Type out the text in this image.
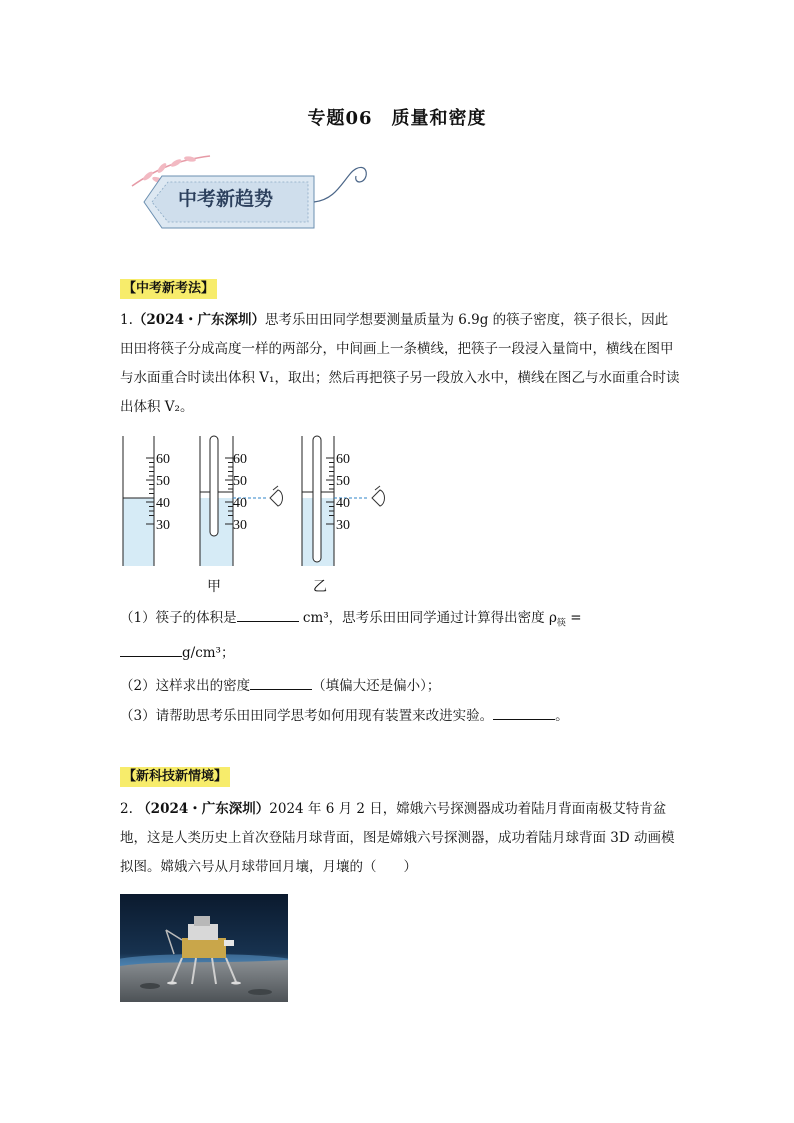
专题06　质量和密度
中考新趋势
【中考新考法】
1.（2024・广东深圳）思考乐田田同学想要测量质量为 6.9g 的筷子密度，筷子很长，因此田田将筷子分成高度一样的两部分，中间画上一条横线，把筷子一段浸入量筒中，横线在图甲与水面重合时读出体积 V₁，取出；然后再把筷子另一段放入水中，横线在图乙与水面重合时读出体积 V₂。
60
50
40
30
60
50
40
30
60
50
40
30
甲	乙
（1）筷子的体积是	cm³，思考乐田田同学通过计算得出密度 $\rho_筷$ =
g/cm³；
（2）这样求出的密度	（填偏大还是偏小）；
（3）请帮助思考乐田田同学思考如何用现有装置来改进实验。	。
【新科技新情境】
2. （2024・广东深圳）2024 年 6 月 2 日，嫦娥六号探测器成功着陆月背面南极艾特肯盆地，这是人类历史上首次登陆月球背面，图是嫦娥六号探测器，成功着陆月球背面 3D 动画模拟图。嫦娥六号从月球带回月壤，月壤的（　　）
